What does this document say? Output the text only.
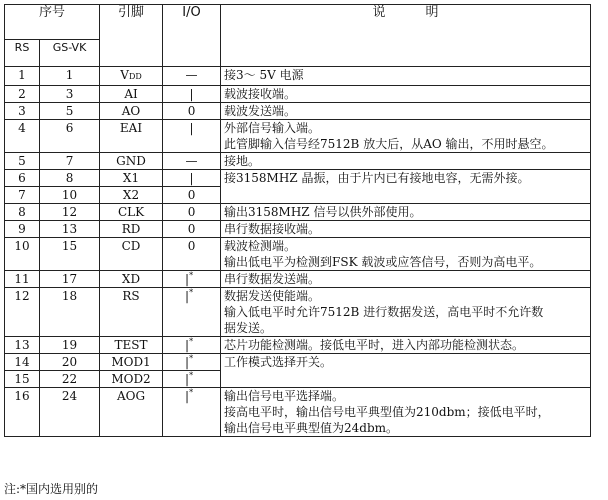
序号		引脚	I/O	说明
RS	GS-VK			
1	1	VDD	—	接3～ 5V 电源

2	3	AI	|	载波接收端。

3	5	AO	0	载波发送端。

4	6	EAI	|	外部信号输入端。
此管脚输入信号经7512B 放大后，从AO 输出，不用时悬空。

5	7	GND	—	接地。

6	8	X1	|	接3158MHZ 晶振，由于片内已有接地电容，无需外接。

7	10	X2	0	
8	12	CLK	0	输出3158MHZ 信号以供外部使用。

9	13	RD	0	串行数据接收端。

10	15	CD	0	载波检测端。
输出低电平为检测到FSK 载波或应答信号，否则为高电平。

11	17	XD	|*	串行数据发送端。

12	18	RS	|*	数据发送使能端。
输入低电平时允许7512B 进行数据发送，高电平时不允许数
据发送。

13	19	TEST	|*	芯片功能检测端。接低电平时，进入内部功能检测状态。

14	20	MOD1	|*	工作模式选择开关。

15	22	MOD2	|*
16	24	AOG	|*	输出信号电平选择端。
接高电平时，输出信号电平典型值为210dbm；接低电平时，
输出信号电平典型值为24dbm。
注:*国内选用别的
